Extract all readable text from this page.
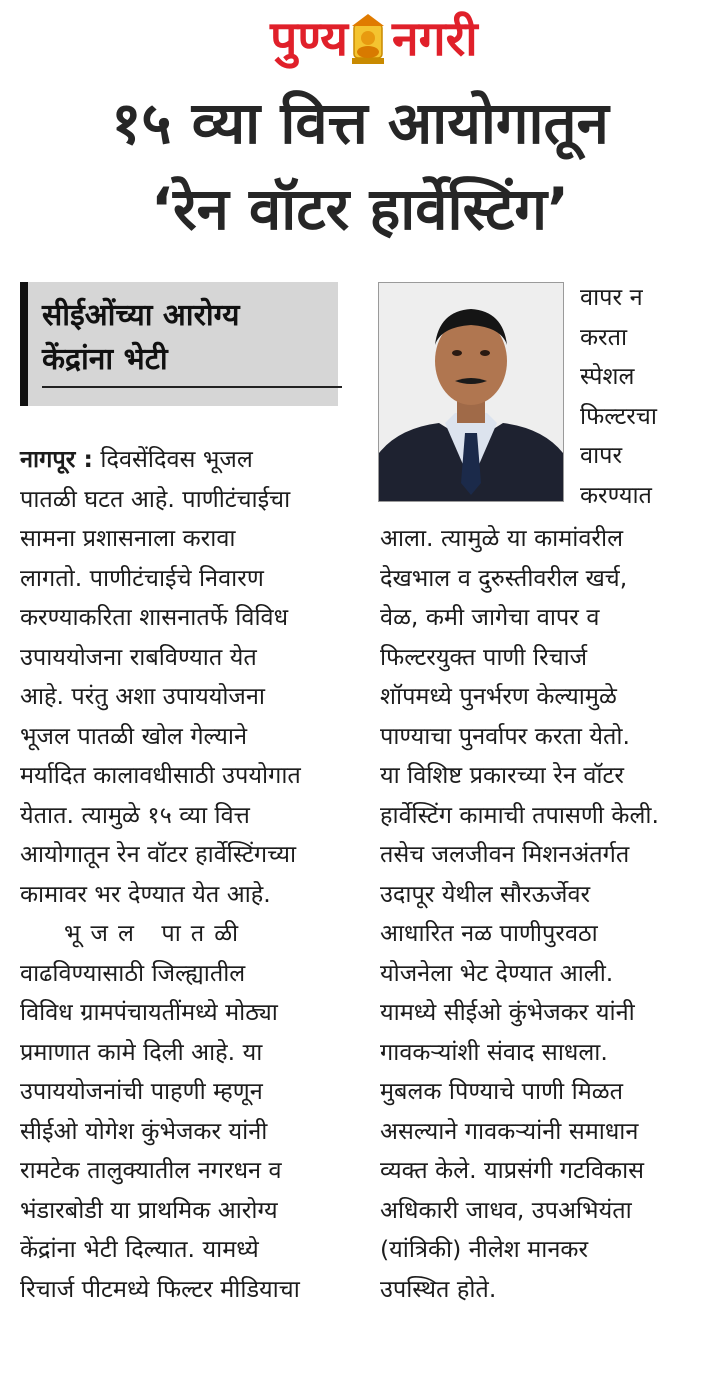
पुण्य नगरी
१५ व्या वित्त आयोगातून
‘रेन वॉटर हार्वेस्टिंग’
सीईओंच्या आरोग्य
केंद्रांना भेटी
वापर न
करता
स्पेशल
फिल्टरचा
वापर
करण्यात
नागपूर : दिवसेंदिवस भूजल
पातळी घटत आहे. पाणीटंचाईचा
सामना प्रशासनाला करावा
लागतो. पाणीटंचाईचे निवारण
करण्याकरिता शासनातर्फे विविध
उपाययोजना राबविण्यात येत
आहे. परंतु अशा उपाययोजना
भूजल पातळी खोल गेल्याने
मर्यादित कालावधीसाठी उपयोगात
येतात. त्यामुळे १५ व्या वित्त
आयोगातून रेन वॉटर हार्वेस्टिंगच्या
कामावर भर देण्यात येत आहे.
भूजल पातळी
वाढविण्यासाठी जिल्ह्यातील
विविध ग्रामपंचायतींमध्ये मोठ्या
प्रमाणात कामे दिली आहे. या
उपाययोजनांची पाहणी म्हणून
सीईओ योगेश कुंभेजकर यांनी
रामटेक तालुक्यातील नगरधन व
भंडारबोडी या प्राथमिक आरोग्य
केंद्रांना भेटी दिल्यात. यामध्ये
रिचार्ज पीटमध्ये फिल्टर मीडियाचा
आला. त्यामुळे या कामांवरील
देखभाल व दुरुस्तीवरील खर्च,
वेळ, कमी जागेचा वापर व
फिल्टरयुक्त पाणी रिचार्ज
शॉपमध्ये पुनर्भरण केल्यामुळे
पाण्याचा पुनर्वापर करता येतो.
या विशिष्ट प्रकारच्या रेन वॉटर
हार्वेस्टिंग कामाची तपासणी केली.
तसेच जलजीवन मिशनअंतर्गत
उदापूर येथील सौरऊर्जेवर
आधारित नळ पाणीपुरवठा
योजनेला भेट देण्यात आली.
यामध्ये सीईओ कुंभेजकर यांनी
गावकऱ्यांशी संवाद साधला.
मुबलक पिण्याचे पाणी मिळत
असल्याने गावकऱ्यांनी समाधान
व्यक्त केले. याप्रसंगी गटविकास
अधिकारी जाधव, उपअभियंता
(यांत्रिकी) नीलेश मानकर
उपस्थित होते.
